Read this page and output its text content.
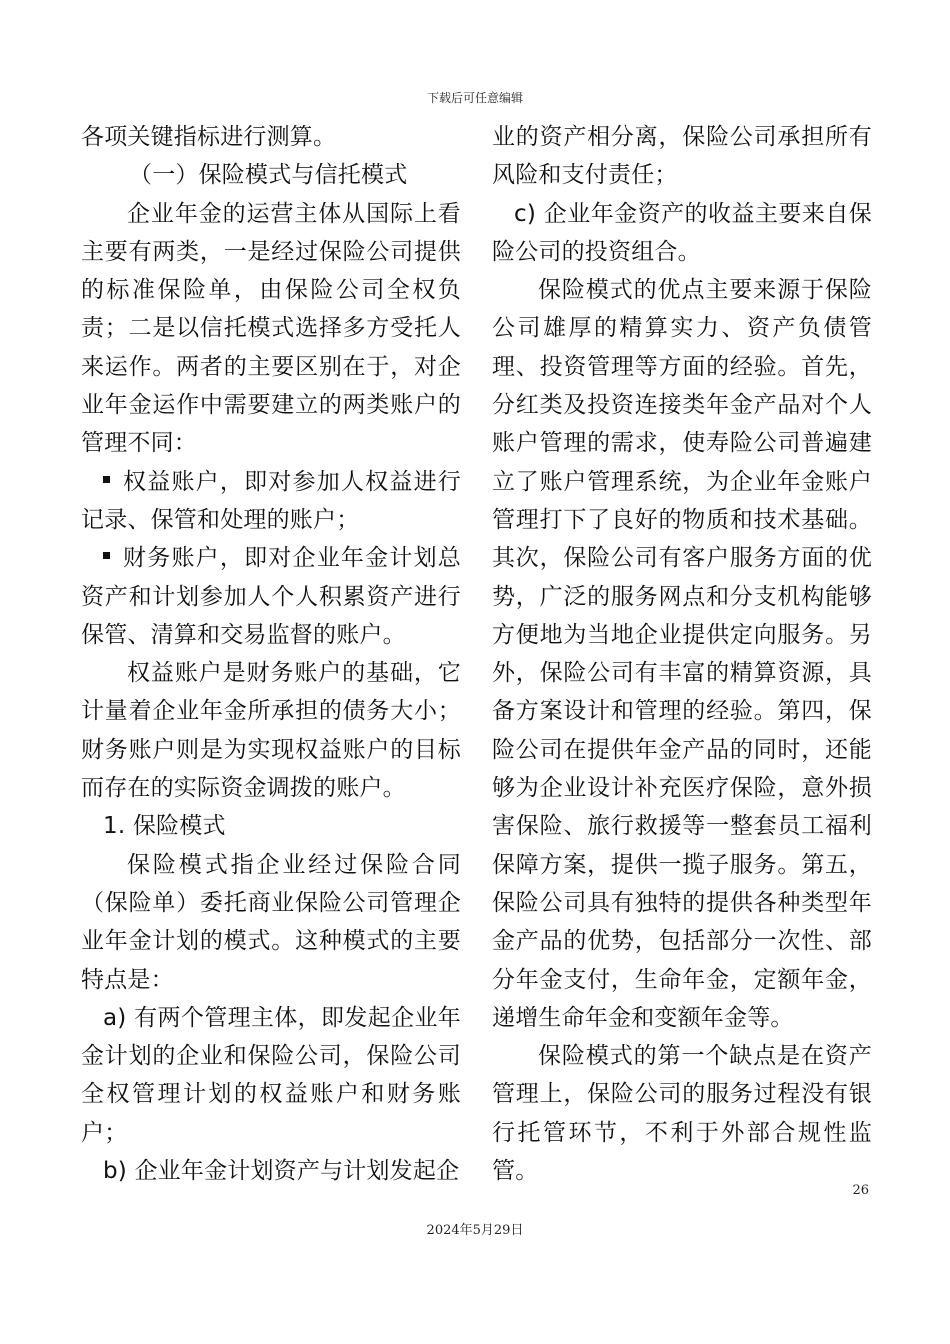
下载后可任意编辑

各项关键指标进行测算。

（一）保险模式与信托模式

企业年金的运营主体从国际上看主要有两类，一是经过保险公司提供的标准保险单，由保险公司全权负责；二是以信托模式选择多方受托人来运作。两者的主要区别在于，对企业年金运作中需要建立的两类账户的管理不同：

权益账户，即对参加人权益进行记录、保管和处理的账户；

财务账户，即对企业年金计划总资产和计划参加人个人积累资产进行保管、清算和交易监督的账户。

权益账户是财务账户的基础，它计量着企业年金所承担的债务大小；财务账户则是为实现权益账户的目标而存在的实际资金调拨的账户。

1. 保险模式

保险模式指企业经过保险合同（保险单）委托商业保险公司管理企业年金计划的模式。这种模式的主要特点是：

a) 有两个管理主体，即发起企业年金计划的企业和保险公司，保险公司全权管理计划的权益账户和财务账户；

b) 企业年金计划资产与计划发起企

业的资产相分离，保险公司承担所有风险和支付责任；

c) 企业年金资产的收益主要来自保险公司的投资组合。

保险模式的优点主要来源于保险公司雄厚的精算实力、资产负债管理、投资管理等方面的经验。首先，分红类及投资连接类年金产品对个人账户管理的需求，使寿险公司普遍建立了账户管理系统，为企业年金账户管理打下了良好的物质和技术基础。其次，保险公司有客户服务方面的优势，广泛的服务网点和分支机构能够方便地为当地企业提供定向服务。另外，保险公司有丰富的精算资源，具备方案设计和管理的经验。第四，保险公司在提供年金产品的同时，还能够为企业设计补充医疗保险，意外损害保险、旅行救援等一整套员工福利保障方案，提供一揽子服务。第五，保险公司具有独特的提供各种类型年金产品的优势，包括部分一次性、部分年金支付，生命年金，定额年金，递增生命年金和变额年金等。

保险模式的第一个缺点是在资产管理上，保险公司的服务过程没有银行托管环节，不利于外部合规性监管。

26
2024年5月29日
